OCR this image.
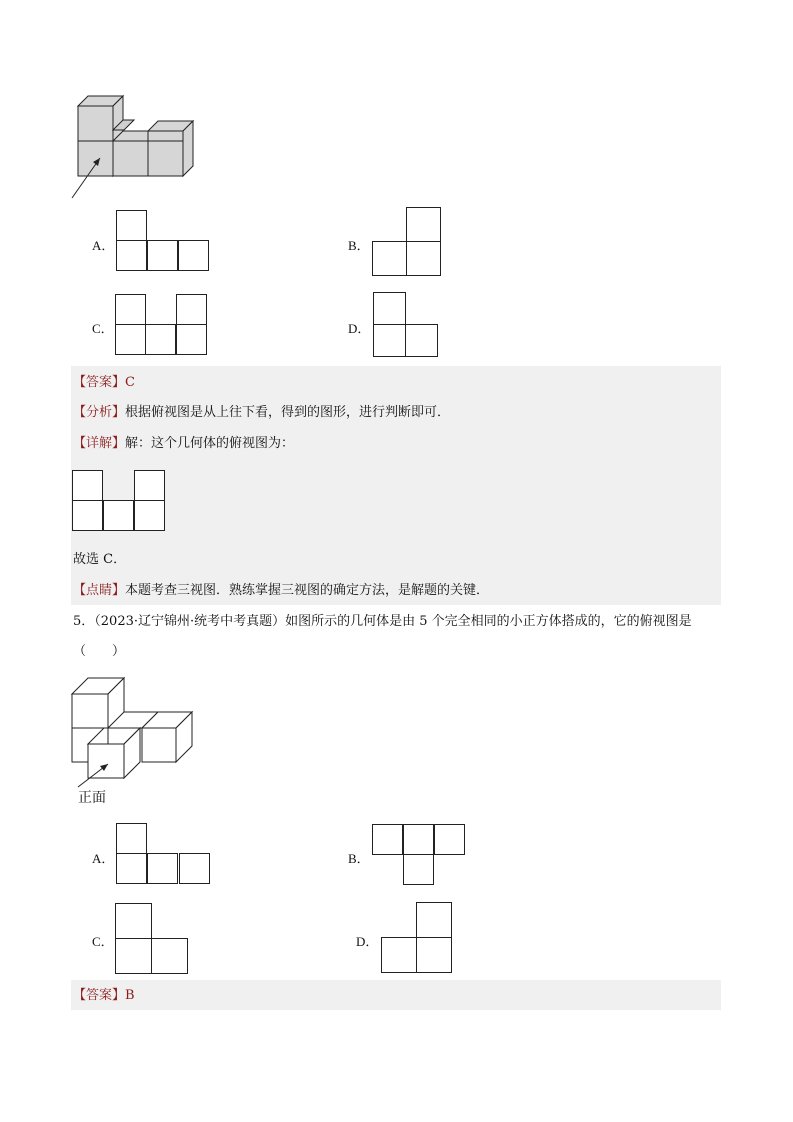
A．	B．
C．	D．
【答案】C
【分析】根据俯视图是从上往下看，得到的图形，进行判断即可．
【详解】解：这个几何体的俯视图为：
故选 C．
【点睛】本题考查三视图．熟练掌握三视图的确定方法，是解题的关键．
5．（2023·辽宁锦州·统考中考真题）如图所示的几何体是由 5 个完全相同的小正方体搭成的，它的俯视图是
（　　）
正面
A．	B．
C．	D．
【答案】B
